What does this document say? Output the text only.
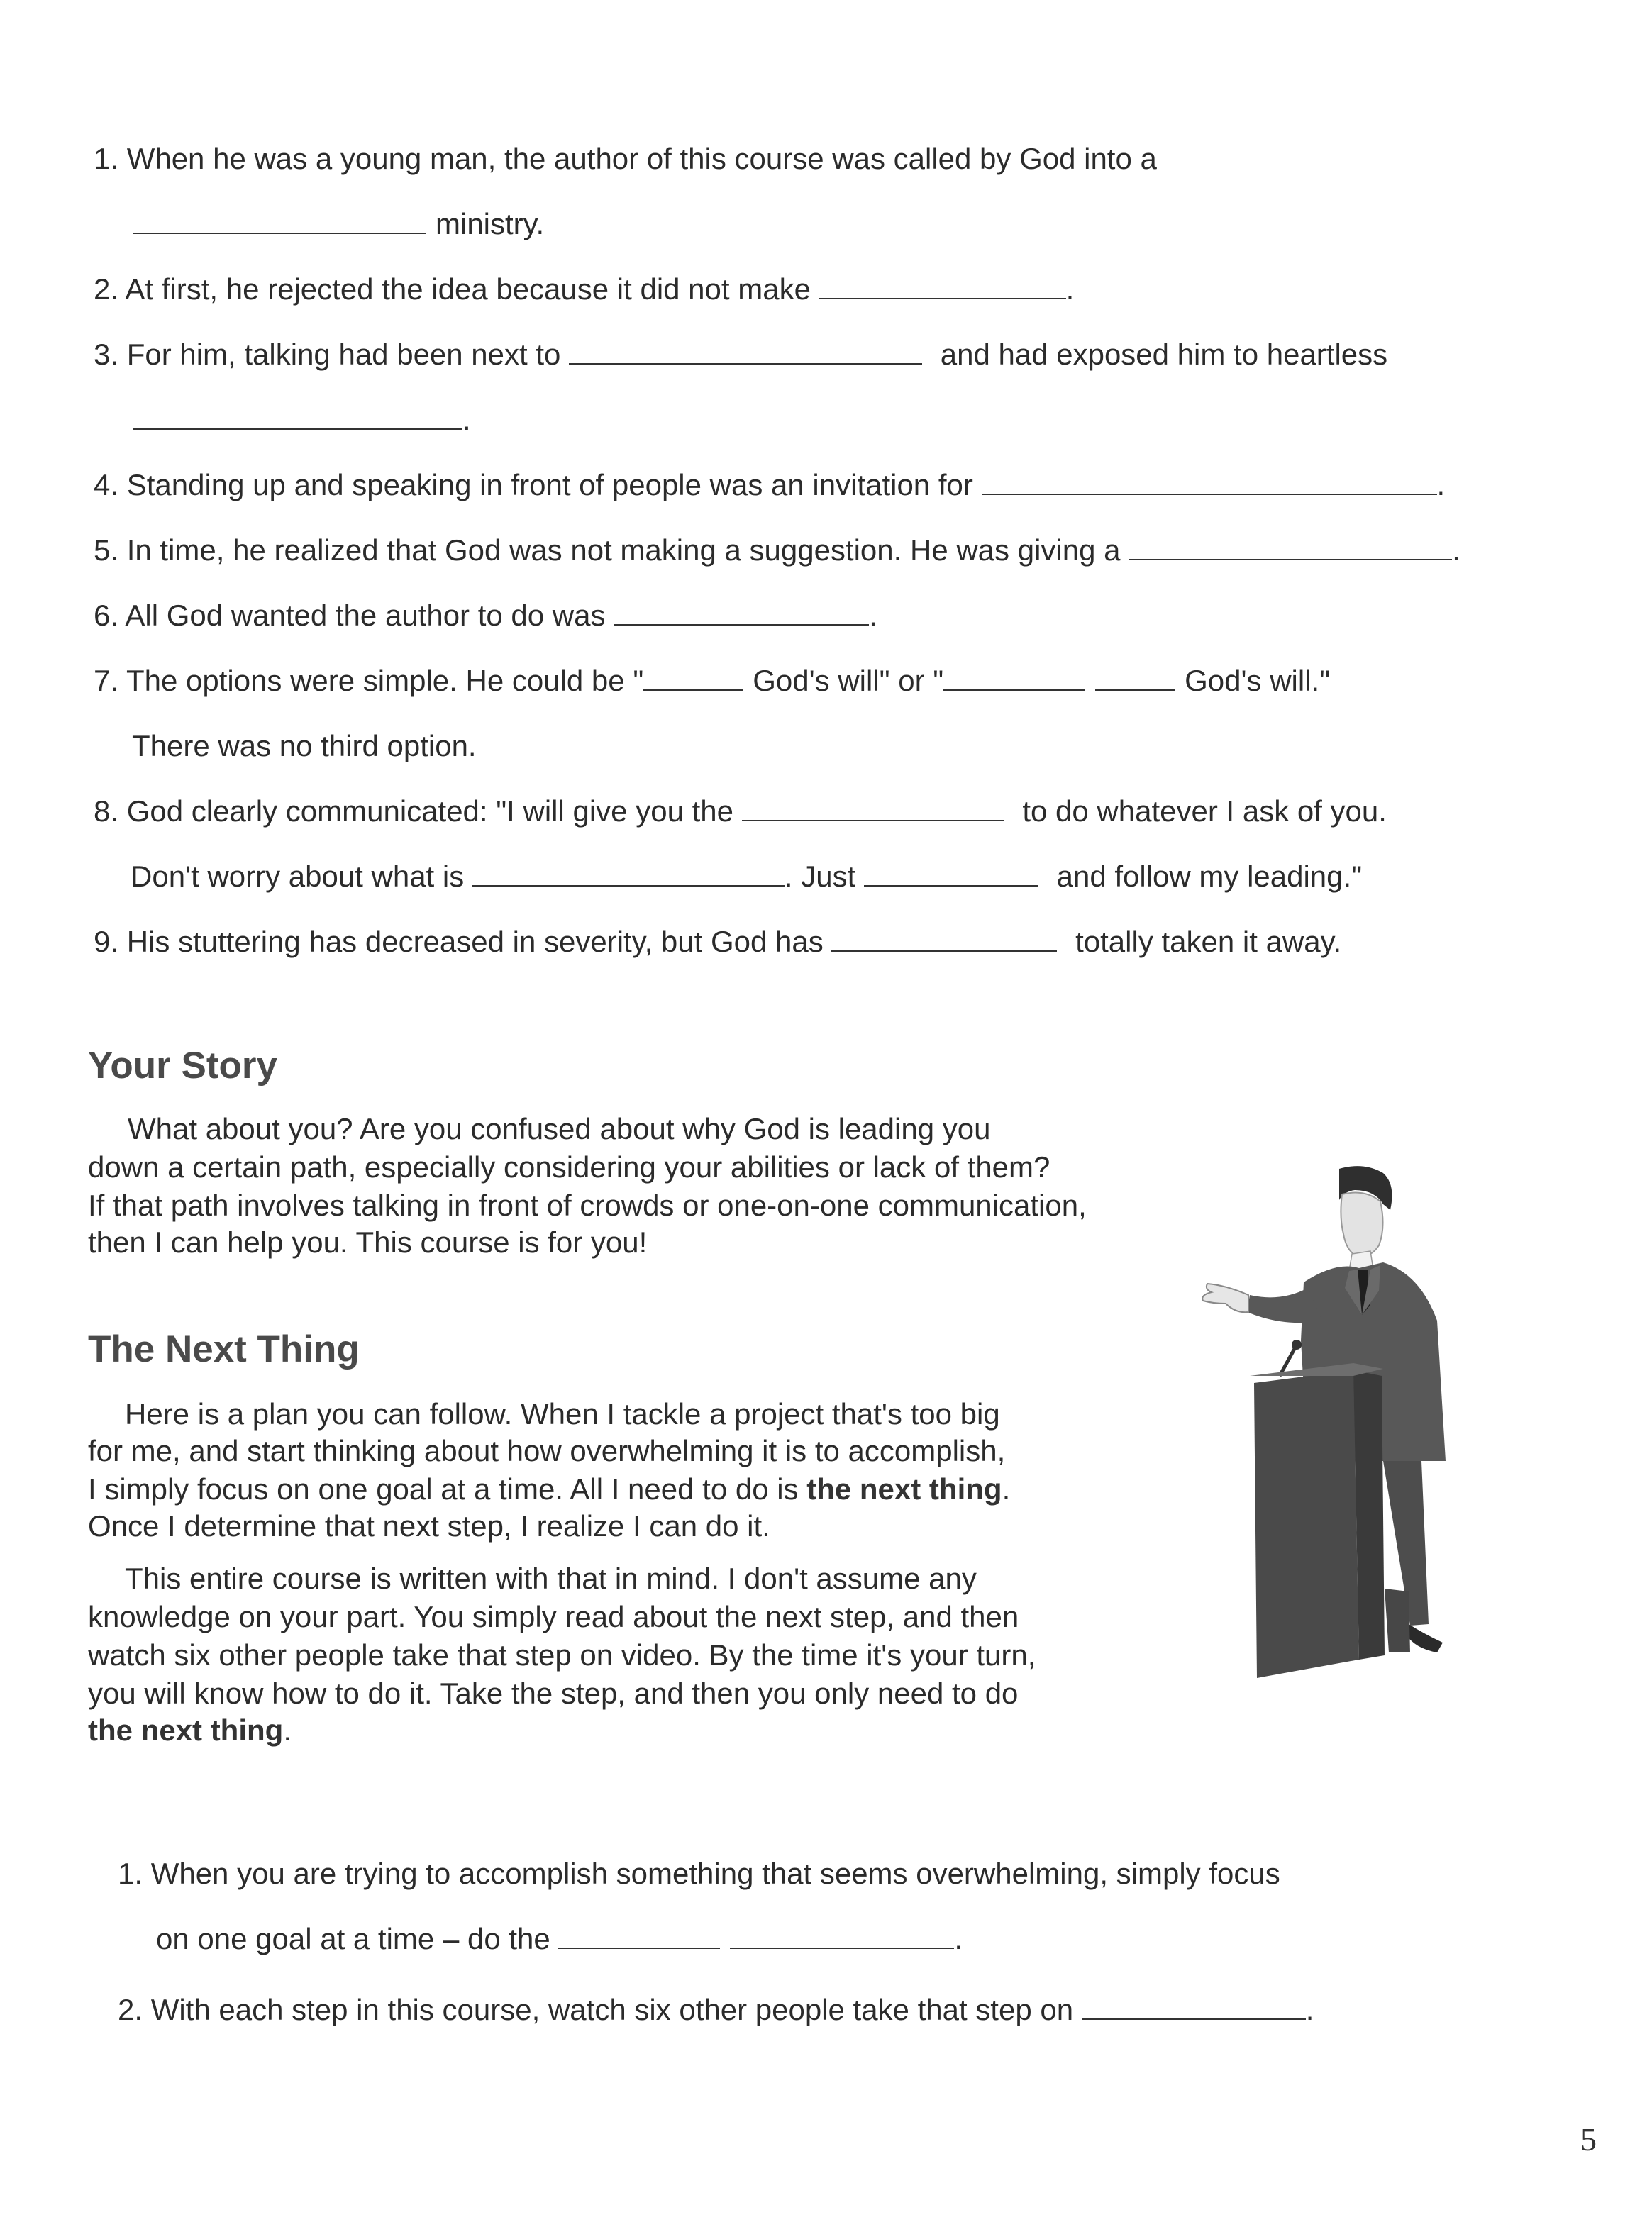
1. When he was a young man, the author of this course was called by God into a
ministry.
2. At first, he rejected the idea because it did not make	.
3. For him, talking had been next to	and had exposed him to heartless
.
4. Standing up and speaking in front of people was an invitation for	.
5. In time, he realized that God was not making a suggestion. He was giving a	.
6. All God wanted the author to do was	.
7. The options were simple. He could be "	God's will" or "	God's will."
There was no third option.
8. God clearly communicated: "I will give you the	to do whatever I ask of you.
Don't worry about what is	. Just	and follow my leading."
9. His stuttering has decreased in severity, but God has	totally taken it away.
Your Story
What about you? Are you confused about why God is leading you
down a certain path, especially considering your abilities or lack of them?
If that path involves talking in front of crowds or one-on-one communication,
then I can help you. This course is for you!
The Next Thing
Here is a plan you can follow. When I tackle a project that's too big
for me, and start thinking about how overwhelming it is to accomplish,
I simply focus on one goal at a time. All I need to do is the next thing.
Once I determine that next step, I realize I can do it.
This entire course is written with that in mind. I don't assume any
knowledge on your part. You simply read about the next step, and then
watch six other people take that step on video. By the time it's your turn,
you will know how to do it. Take the step, and then you only need to do
the next thing.
1. When you are trying to accomplish something that seems overwhelming, simply focus
on one goal at a time – do the	.
2. With each step in this course, watch six other people take that step on	.
5
